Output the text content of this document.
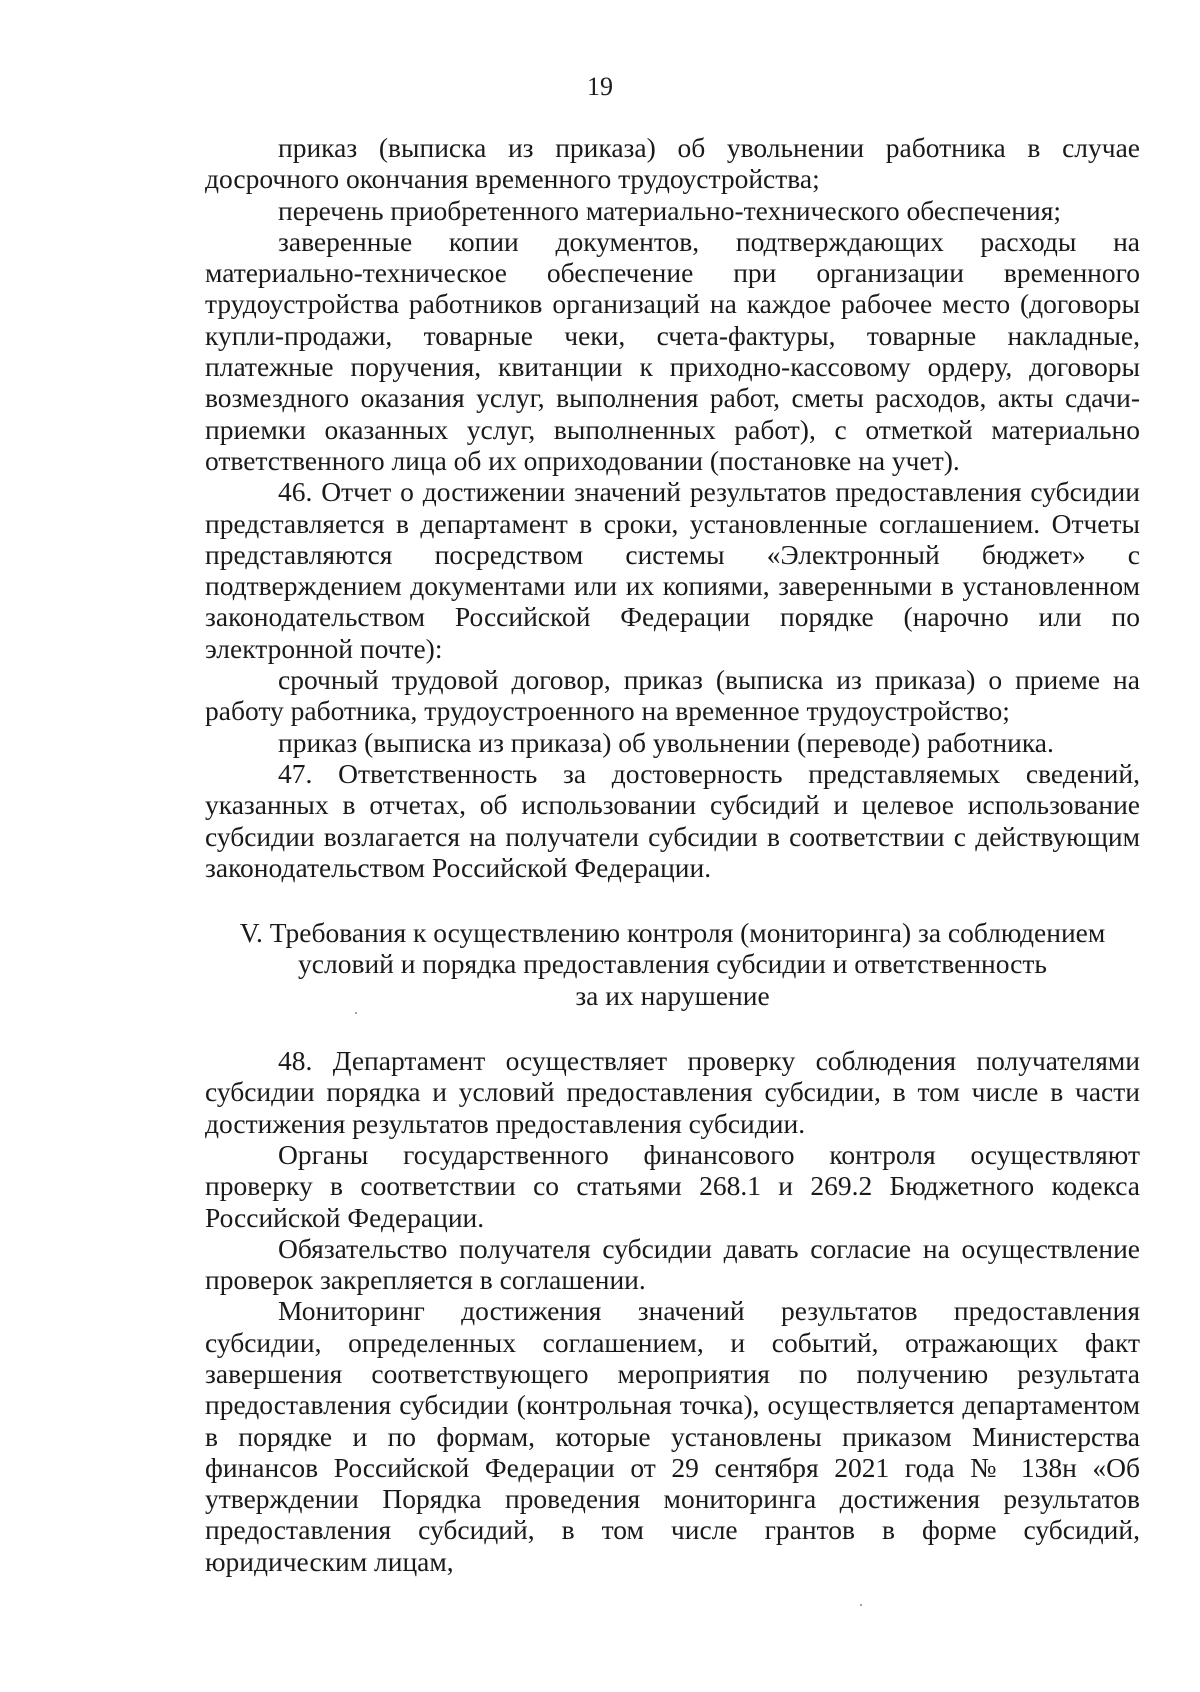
19

приказ (выписка из приказа) об увольнении работника в случае досрочного окончания временного трудоустройства;

перечень приобретенного материально-технического обеспечения;

заверенные копии документов, подтверждающих расходы на материально-техническое обеспечение при организации временного трудоустройства работников организаций на каждое рабочее место (договоры купли-продажи, товарные чеки, счета-фактуры, товарные накладные, платежные поручения, квитанции к приходно-кассовому ордеру, договоры возмездного оказания услуг, выполнения работ, сметы расходов, акты сдачи-приемки оказанных услуг, выполненных работ), с отметкой материально ответственного лица об их оприходовании (постановке на учет).

46. Отчет о достижении значений результатов предоставления субсидии представляется в департамент в сроки, установленные соглашением. Отчеты представляются посредством системы «Электронный бюджет» с подтверждением документами или их копиями, заверенными в установленном законодательством Российской Федерации порядке (нарочно или по электронной почте):

срочный трудовой договор, приказ (выписка из приказа) о приеме на работу работника, трудоустроенного на временное трудоустройство;

приказ (выписка из приказа) об увольнении (переводе) работника.

47. Ответственность за достоверность представляемых сведений, указанных в отчетах, об использовании субсидий и целевое использование субсидии возлагается на получатели субсидии в соответствии с действующим законодательством Российской Федерации.

V. Требования к осуществлению контроля (мониторинга) за соблюдением
условий и порядка предоставления субсидии и ответственность
за их нарушение

48. Департамент осуществляет проверку соблюдения получателями субсидии порядка и условий предоставления субсидии, в том числе в части достижения результатов предоставления субсидии.

Органы государственного финансового контроля осуществляют проверку в соответствии со статьями 268.1 и 269.2 Бюджетного кодекса Российской Федерации.

Обязательство получателя субсидии давать согласие на осуществление проверок закрепляется в соглашении.

Мониторинг достижения значений результатов предоставления субсидии, определенных соглашением, и событий, отражающих факт завершения соответствующего мероприятия по получению результата предоставления субсидии (контрольная точка), осуществляется департаментом в порядке и по формам, которые установлены приказом Министерства финансов Российской Федерации от 29 сентября 2021 года № 138н «Об утверждении Порядка проведения мониторинга достижения результатов предоставления субсидий, в том числе грантов в форме субсидий, юридическим лицам,
